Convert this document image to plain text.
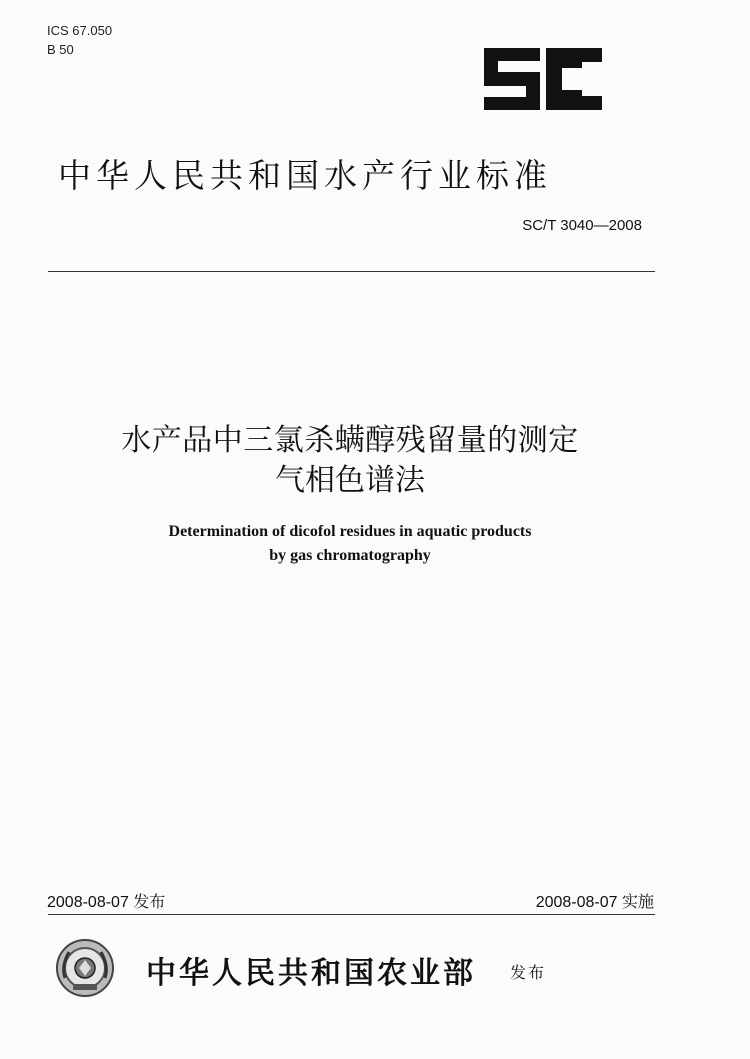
ICS 67.050
B 50
中华人民共和国水产行业标准
SC/T 3040—2008
水产品中三氯杀螨醇残留量的测定
气相色谱法
Determination of dicofol residues in aquatic products
by gas chromatography
2008-08-07 发布	2008-08-07 实施
中华人民共和国农业部 发布
